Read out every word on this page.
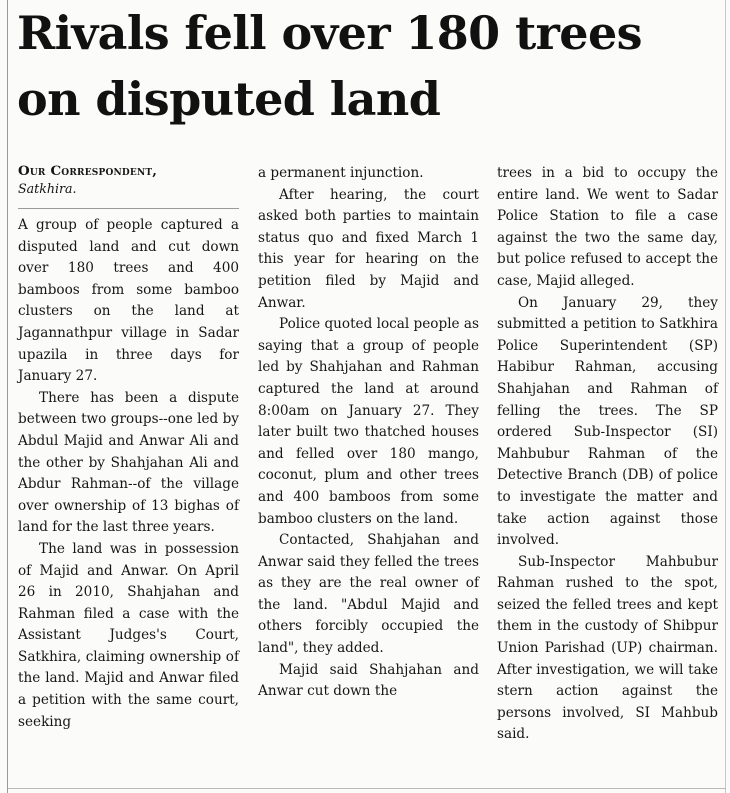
Rivals fell over 180 trees
on disputed land
Our Correspondent,
Satkhira.

A group of people captured a disputed land and cut down over 180 trees and 400 bamboos from some bamboo clusters on the land at Jagannathpur village in Sadar upazila in three days for January 27.

There has been a dispute between two groups--one led by Abdul Majid and Anwar Ali and the other by Shahjahan Ali and Abdur Rahman--of the village over ownership of 13 bighas of land for the last three years.

The land was in possession of Majid and Anwar. On April 26 in 2010, Shahjahan and Rahman filed a case with the Assistant Judges's Court, Satkhira, claiming ownership of the land. Majid and Anwar filed a petition with the same court, seeking

a permanent injunction.

After hearing, the court asked both parties to maintain status quo and fixed March 1 this year for hearing on the petition filed by Majid and Anwar.

Police quoted local people as saying that a group of people led by Shahjahan and Rahman captured the land at around 8:00am on January 27. They later built two thatched houses and felled over 180 mango, coconut, plum and other trees and 400 bamboos from some bamboo clusters on the land.

Contacted, Shahjahan and Anwar said they felled the trees as they are the real owner of the land. "Abdul Majid and others forcibly occupied the land", they added.

Majid said Shahjahan and Anwar cut down the

trees in a bid to occupy the entire land. We went to Sadar Police Station to file a case against the two the same day, but police refused to accept the case, Majid alleged.

On January 29, they submitted a petition to Satkhira Police Superintendent (SP) Habibur Rahman, accusing Shahjahan and Rahman of felling the trees. The SP ordered Sub-Inspector (SI) Mahbubur Rahman of the Detective Branch (DB) of police to investigate the matter and take action against those involved.

Sub-Inspector Mahbubur Rahman rushed to the spot, seized the felled trees and kept them in the custody of Shibpur Union Parishad (UP) chairman. After investigation, we will take stern action against the persons involved, SI Mahbub said.
